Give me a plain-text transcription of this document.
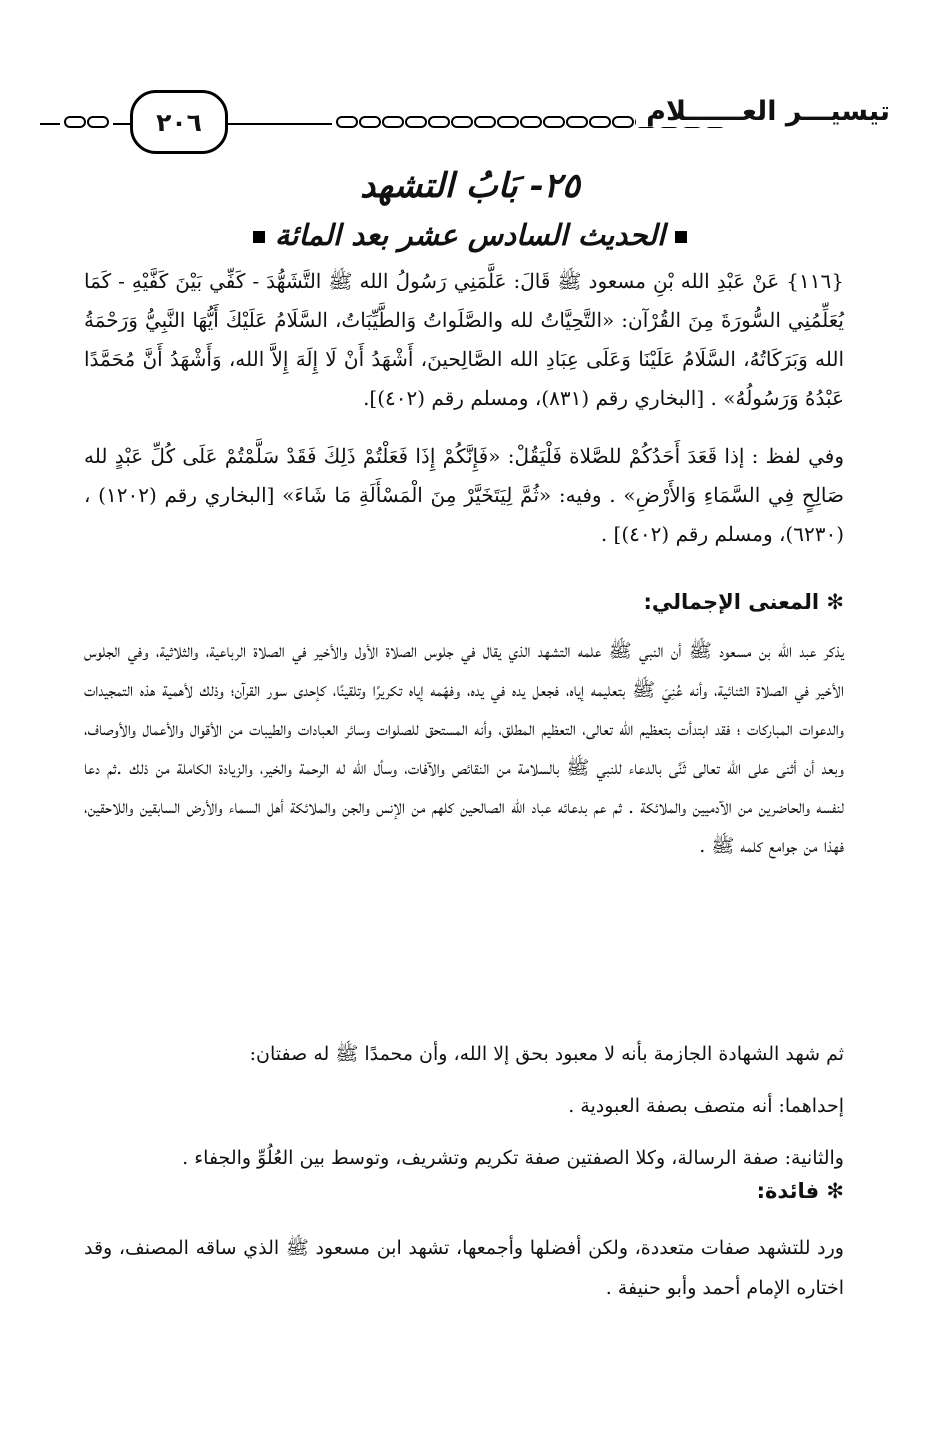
تيسيـــر العــــــلام
٢٠٦
٢٥- بَابُ التشهد
الحديث السادس عشر بعد المائة
{١١٦} عَنْ عَبْدِ الله بْنِ مسعود ﷺ قَالَ: عَلَّمَنِي رَسُولُ الله ﷺ التَّشَهُّدَ - كَفِّي بَيْنَ كَفَّيْهِ - كَمَا يُعَلِّمُنِي السُّورَةَ مِنَ القُرْآن: «التَّحِيَّاتُ لله والصَّلَواتُ وَالطَّيِّبَاتُ، السَّلَامُ عَلَيْكَ أَيُّهَا النَّبِيُّ وَرَحْمَةُ الله وَبَرَكَاتُهُ، السَّلَامُ عَلَيْنَا وَعَلَى عِبَادِ الله الصَّالِحينَ، أَشْهَدُ أَنْ لَا إِلَهَ إِلاَّ الله، وَأَشْهَدُ أَنَّ مُحَمَّدًا عَبْدُهُ وَرَسُولُهُ» . [البخاري رقم (٨٣١)، ومسلم رقم (٤٠٢)].
وفي لفظ : إذا قَعَدَ أَحَدُكُمْ للصَّلاة فَلْيَقُلْ: «فَإِنَّكُمْ إِذَا فَعَلْتُمْ ذَلِكَ فَقَدْ سَلَّمْتُمْ عَلَى كُلِّ عَبْدٍ لله صَالِحٍ فِي السَّمَاءِ وَالأَرْضِ» . وفيه: «ثُمَّ لِيَتَخَيَّرْ مِنَ الْمَسْأَلَةِ مَا شَاءَ» [البخاري رقم (١٢٠٢) ، (٦٢٣٠)، ومسلم رقم (٤٠٢)] .
✻ المعنى الإجمالي:
يذكر عبد الله بن مسعود ﷺ أن النبي ﷺ علمه التشهد الذي يقال في جلوس الصلاة الأول والأخير في الصلاة الرباعية، والثلاثية، وفي الجلوس الأخير في الصلاة الثنائية، وأنه عُنِيَ ﷺ بتعليمه إياه، فجعل يده في يده، وفهّمه إياه تكريرًا وتلقينًا، كإحدى سور القرآن؛ وذلك لأهمية هذه التمجيدات والدعوات المباركات ؛ فقد ابتدأت بتعظيم الله تعالى، التعظيم المطلق، وأنه المستحق للصلوات وسائر العبادات والطيبات من الأقوال والأعمال والأوصاف، وبعد أن أثنى على الله تعالى ثَنَّى بالدعاء للنبي ﷺ بالسلامة من النقائص والآفات، وسأل الله له الرحمة والخير، والزيادة الكاملة من ذلك .ثم دعا لنفسه والحاضرين من الآدميين والملائكة . ثم عم بدعائه عباد الله الصالحين كلهم من الإنس والجن والملائكة أهل السماء والأرض السابقين واللاحقين، فهذا من جوامع كلمه ﷺ .
ثم شهد الشهادة الجازمة بأنه لا معبود بحق إلا الله، وأن محمدًا ﷺ له صفتان:
إحداهما: أنه متصف بصفة العبودية .
والثانية: صفة الرسالة، وكلا الصفتين صفة تكريم وتشريف، وتوسط بين العُلُوِّ والجفاء .
✻ فائدة:
ورد للتشهد صفات متعددة، ولكن أفضلها وأجمعها، تشهد ابن مسعود ﷺ الذي ساقه المصنف، وقد اختاره الإمام أحمد وأبو حنيفة .
